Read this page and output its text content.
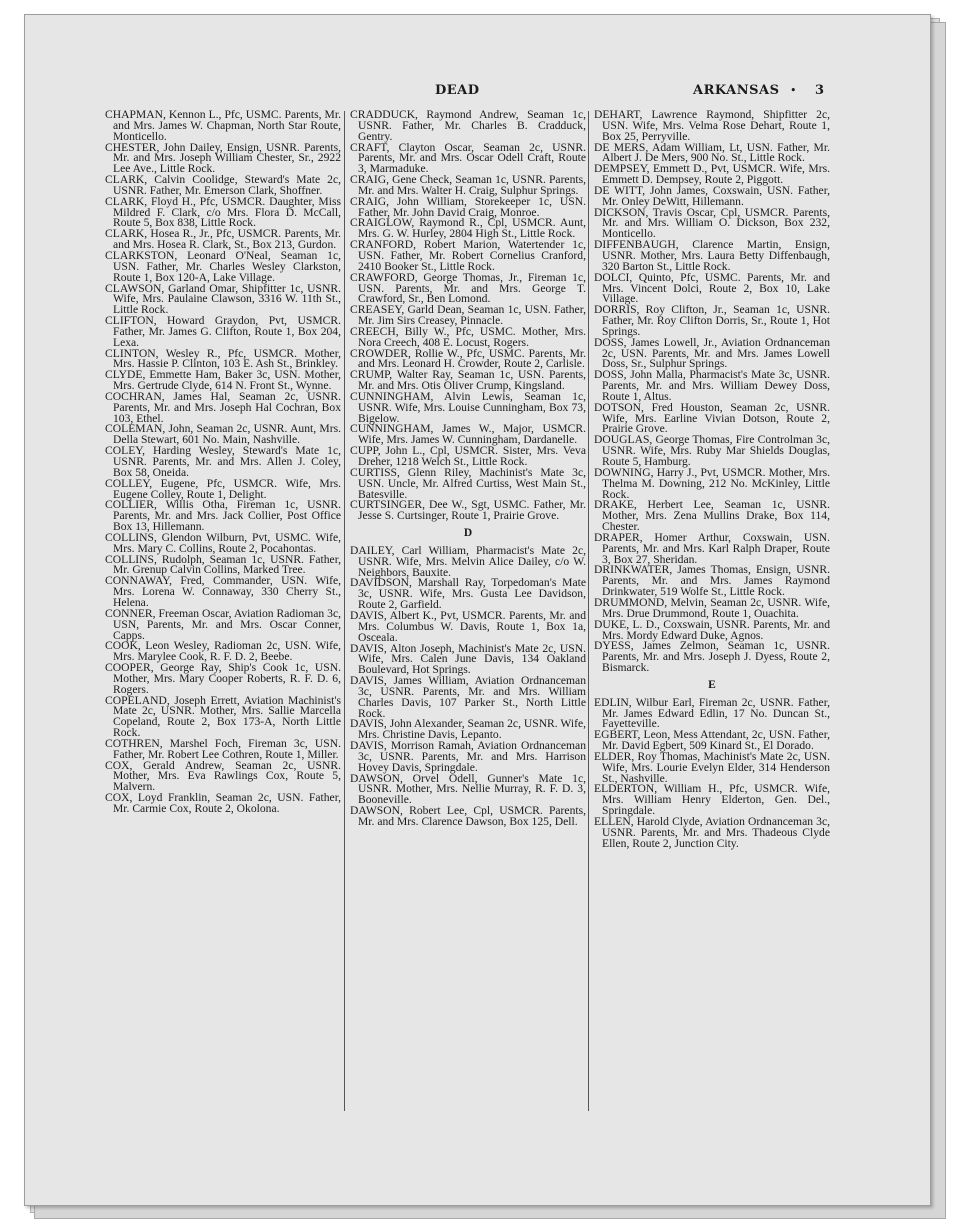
DEAD	ARKANSAS • 3

CHAPMAN, Kennon L., Pfc, USMC. Parents, Mr. and Mrs. James W. Chapman, North Star Route, Monticello.

CHESTER, John Dailey, Ensign, USNR. Parents, Mr. and Mrs. Joseph William Chester, Sr., 2922 Lee Ave., Little Rock.

CLARK, Calvin Coolidge, Steward's Mate 2c, USNR. Father, Mr. Emerson Clark, Shoffner.

CLARK, Floyd H., Pfc, USMCR. Daughter, Miss Mildred F. Clark, c/o Mrs. Flora D. McCall, Route 5, Box 838, Little Rock.

CLARK, Hosea R., Jr., Pfc, USMCR. Parents, Mr. and Mrs. Hosea R. Clark, St., Box 213, Gurdon.

CLARKSTON, Leonard O'Neal, Seaman 1c, USN. Father, Mr. Charles Wesley Clarkston, Route 1, Box 120-A, Lake Village.

CLAWSON, Garland Omar, Shipfitter 1c, USNR. Wife, Mrs. Paulaine Clawson, 3316 W. 11th St., Little Rock.

CLIFTON, Howard Graydon, Pvt, USMCR. Father, Mr. James G. Clifton, Route 1, Box 204, Lexa.

CLINTON, Wesley R., Pfc, USMCR. Mother, Mrs. Hassie P. Clinton, 103 E. Ash St., Brinkley.

CLYDE, Emmette Ham, Baker 3c, USN. Mother, Mrs. Gertrude Clyde, 614 N. Front St., Wynne.

COCHRAN, James Hal, Seaman 2c, USNR. Parents, Mr. and Mrs. Joseph Hal Cochran, Box 103, Ethel.

COLEMAN, John, Seaman 2c, USNR. Aunt, Mrs. Della Stewart, 601 No. Main, Nashville.

COLEY, Harding Wesley, Steward's Mate 1c, USNR. Parents, Mr. and Mrs. Allen J. Coley, Box 58, Oneida.

COLLEY, Eugene, Pfc, USMCR. Wife, Mrs. Eugene Colley, Route 1, Delight.

COLLIER, Willis Otha, Fireman 1c, USNR. Parents, Mr. and Mrs. Jack Collier, Post Office Box 13, Hillemann.

COLLINS, Glendon Wilburn, Pvt, USMC. Wife, Mrs. Mary C. Collins, Route 2, Pocahontas.

COLLINS, Rudolph, Seaman 1c, USNR. Father, Mr. Grenup Calvin Collins, Marked Tree.

CONNAWAY, Fred, Commander, USN. Wife, Mrs. Lorena W. Connaway, 330 Cherry St., Helena.

CONNER, Freeman Oscar, Aviation Radioman 3c, USN, Parents, Mr. and Mrs. Oscar Conner, Capps.

COOK, Leon Wesley, Radioman 2c, USN. Wife, Mrs. Marylee Cook, R. F. D. 2, Beebe.

COOPER, George Ray, Ship's Cook 1c, USN. Mother, Mrs. Mary Cooper Roberts, R. F. D. 6, Rogers.

COPELAND, Joseph Errett, Aviation Machinist's Mate 2c, USNR. Mother, Mrs. Sallie Marcella Copeland, Route 2, Box 173-A, North Little Rock.

COTHREN, Marshel Foch, Fireman 3c, USN. Father, Mr. Robert Lee Cothren, Route 1, Miller.

COX, Gerald Andrew, Seaman 2c, USNR. Mother, Mrs. Eva Rawlings Cox, Route 5, Malvern.

COX, Loyd Franklin, Seaman 2c, USN. Father, Mr. Carmie Cox, Route 2, Okolona.

CRADDUCK, Raymond Andrew, Seaman 1c, USNR. Father, Mr. Charles B. Cradduck, Gentry.

CRAFT, Clayton Oscar, Seaman 2c, USNR. Parents, Mr. and Mrs. Oscar Odell Craft, Route 3, Marmaduke.

CRAIG, Gene Check, Seaman 1c, USNR. Parents, Mr. and Mrs. Walter H. Craig, Sulphur Springs.

CRAIG, John William, Storekeeper 1c, USN. Father, Mr. John David Craig, Monroe.

CRAIGLOW, Raymond R., Cpl, USMCR. Aunt, Mrs. G. W. Hurley, 2804 High St., Little Rock.

CRANFORD, Robert Marion, Watertender 1c, USN. Father, Mr. Robert Cornelius Cranford, 2410 Booker St., Little Rock.

CRAWFORD, George Thomas, Jr., Fireman 1c, USN. Parents, Mr. and Mrs. George T. Crawford, Sr., Ben Lomond.

CREASEY, Garld Dean, Seaman 1c, USN. Father, Mr. Jim Sirs Creasey, Pinnacle.

CREECH, Billy W., Pfc, USMC. Mother, Mrs. Nora Creech, 408 E. Locust, Rogers.

CROWDER, Rollie W., Pfc, USMC. Parents, Mr. and Mrs. Leonard H. Crowder, Route 2, Carlisle.

CRUMP, Walter Ray, Seaman 1c, USN. Parents, Mr. and Mrs. Otis Oliver Crump, Kingsland.

CUNNINGHAM, Alvin Lewis, Seaman 1c, USNR. Wife, Mrs. Louise Cunningham, Box 73, Bigelow.

CUNNINGHAM, James W., Major, USMCR. Wife, Mrs. James W. Cunningham, Dardanelle.

CUPP, John L., Cpl, USMCR. Sister, Mrs. Veva Dreher, 1218 Welch St., Little Rock.

CURTISS, Glenn Riley, Machinist's Mate 3c, USN. Uncle, Mr. Alfred Curtiss, West Main St., Batesville.

CURTSINGER, Dee W., Sgt, USMC. Father, Mr. Jesse S. Curtsinger, Route 1, Prairie Grove.

D

DAILEY, Carl William, Pharmacist's Mate 2c, USNR. Wife, Mrs. Melvin Alice Dailey, c/o W. Neighbors, Bauxite.

DAVIDSON, Marshall Ray, Torpedoman's Mate 3c, USNR. Wife, Mrs. Gusta Lee Davidson, Route 2, Garfield.

DAVIS, Albert K., Pvt, USMCR. Parents, Mr. and Mrs. Columbus W. Davis, Route 1, Box 1a, Osceala.

DAVIS, Alton Joseph, Machinist's Mate 2c, USN. Wife, Mrs. Calen June Davis, 134 Oakland Boulevard, Hot Springs.

DAVIS, James William, Aviation Ordnanceman 3c, USNR. Parents, Mr. and Mrs. William Charles Davis, 107 Parker St., North Little Rock.

DAVIS, John Alexander, Seaman 2c, USNR. Wife, Mrs. Christine Davis, Lepanto.

DAVIS, Morrison Ramah, Aviation Ordnanceman 3c, USNR. Parents, Mr. and Mrs. Harrison Hovey Davis, Springdale.

DAWSON, Orvel Odell, Gunner's Mate 1c, USNR. Mother, Mrs. Nellie Murray, R. F. D. 3, Booneville.

DAWSON, Robert Lee, Cpl, USMCR. Parents, Mr. and Mrs. Clarence Dawson, Box 125, Dell.

DEHART, Lawrence Raymond, Shipfitter 2c, USN. Wife, Mrs. Velma Rose Dehart, Route 1, Box 25, Perryville.

DE MERS, Adam William, Lt, USN. Father, Mr. Albert J. De Mers, 900 No. St., Little Rock.

DEMPSEY, Emmett D., Pvt, USMCR. Wife, Mrs. Emmett D. Dempsey, Route 2, Piggott.

DE WITT, John James, Coxswain, USN. Father, Mr. Onley DeWitt, Hillemann.

DICKSON, Travis Oscar, Cpl, USMCR. Parents, Mr. and Mrs. William O. Dickson, Box 232, Monticello.

DIFFENBAUGH, Clarence Martin, Ensign, USNR. Mother, Mrs. Laura Betty Diffenbaugh, 320 Barton St., Little Rock.

DOLCI, Quinto, Pfc, USMC. Parents, Mr. and Mrs. Vincent Dolci, Route 2, Box 10, Lake Village.

DORRIS, Roy Clifton, Jr., Seaman 1c, USNR. Father, Mr. Roy Clifton Dorris, Sr., Route 1, Hot Springs.

DOSS, James Lowell, Jr., Aviation Ordnanceman 2c, USN. Parents, Mr. and Mrs. James Lowell Doss, Sr., Sulphur Springs.

DOSS, John Malla, Pharmacist's Mate 3c, USNR. Parents, Mr. and Mrs. William Dewey Doss, Route 1, Altus.

DOTSON, Fred Houston, Seaman 2c, USNR. Wife, Mrs. Earline Vivian Dotson, Route 2, Prairie Grove.

DOUGLAS, George Thomas, Fire Controlman 3c, USNR. Wife, Mrs. Ruby Mar Shields Douglas, Route 5, Hamburg.

DOWNING, Harry J., Pvt, USMCR. Mother, Mrs. Thelma M. Downing, 212 No. McKinley, Little Rock.

DRAKE, Herbert Lee, Seaman 1c, USNR. Mother, Mrs. Zena Mullins Drake, Box 114, Chester.

DRAPER, Homer Arthur, Coxswain, USN. Parents, Mr. and Mrs. Karl Ralph Draper, Route 3, Box 27, Sheridan.

DRINKWATER, James Thomas, Ensign, USNR. Parents, Mr. and Mrs. James Raymond Drinkwater, 519 Wolfe St., Little Rock.

DRUMMOND, Melvin, Seaman 2c, USNR. Wife, Mrs. Drue Drummond, Route 1, Ouachita.

DUKE, L. D., Coxswain, USNR. Parents, Mr. and Mrs. Mordy Edward Duke, Agnos.

DYESS, James Zelmon, Seaman 1c, USNR. Parents, Mr. and Mrs. Joseph J. Dyess, Route 2, Bismarck.

E

EDLIN, Wilbur Earl, Fireman 2c, USNR. Father, Mr. James Edward Edlin, 17 No. Duncan St., Fayetteville.

EGBERT, Leon, Mess Attendant, 2c, USN. Father, Mr. David Egbert, 509 Kinard St., El Dorado.

ELDER, Roy Thomas, Machinist's Mate 2c, USN. Wife, Mrs. Lourie Evelyn Elder, 314 Henderson St., Nashville.

ELDERTON, William H., Pfc, USMCR. Wife, Mrs. William Henry Elderton, Gen. Del., Springdale.

ELLEN, Harold Clyde, Aviation Ordnanceman 3c, USNR. Parents, Mr. and Mrs. Thadeous Clyde Ellen, Route 2, Junction City.
